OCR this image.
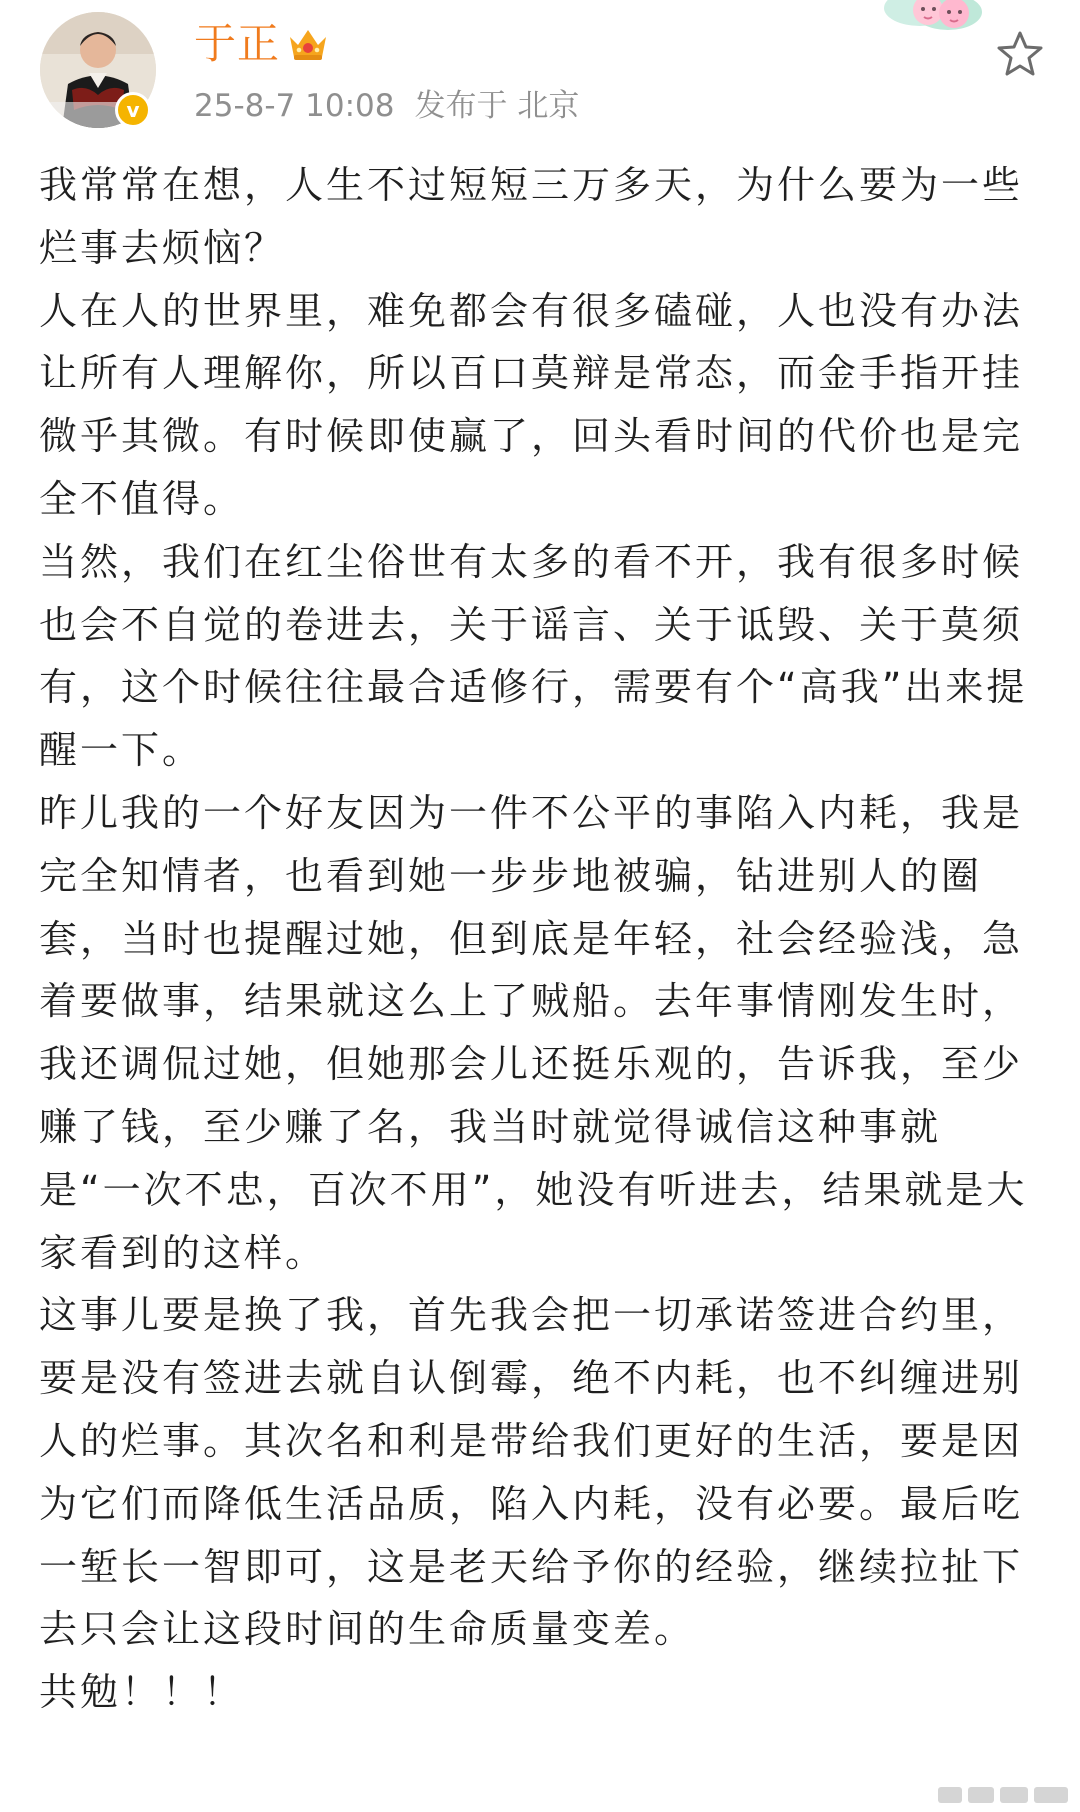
v
于正
25-8-7 10:08 发布于 北京

我常常在想，人生不过短短三万多天，为什么要为一些烂事去烦恼？

人在人的世界里，难免都会有很多磕碰，人也没有办法让所有人理解你，所以百口莫辩是常态，而金手指开挂微乎其微。有时候即使赢了，回头看时间的代价也是完全不值得。

当然，我们在红尘俗世有太多的看不开，我有很多时候也会不自觉的卷进去，关于谣言、关于诋毁、关于莫须有，这个时候往往最合适修行，需要有个“高我”出来提醒一下。

昨儿我的一个好友因为一件不公平的事陷入内耗，我是完全知情者，也看到她一步步地被骗，钻进别人的圈套，当时也提醒过她，但到底是年轻，社会经验浅，急着要做事，结果就这么上了贼船。去年事情刚发生时，我还调侃过她，但她那会儿还挺乐观的，告诉我，至少赚了钱，至少赚了名，我当时就觉得诚信这种事就是“一次不忠，百次不用”，她没有听进去，结果就是大家看到的这样。

这事儿要是换了我，首先我会把一切承诺签进合约里，要是没有签进去就自认倒霉，绝不内耗，也不纠缠进别人的烂事。其次名和利是带给我们更好的生活，要是因为它们而降低生活品质，陷入内耗，没有必要。最后吃一堑长一智即可，这是老天给予你的经验，继续拉扯下去只会让这段时间的生命质量变差。

共勉！！！
